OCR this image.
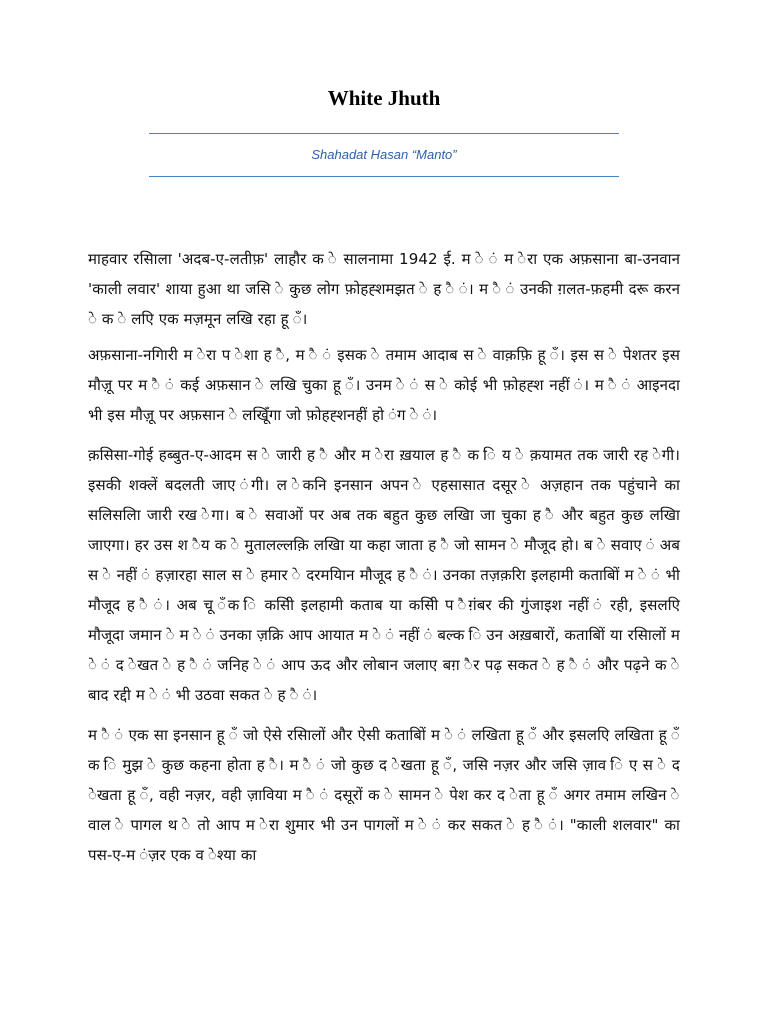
White Jhuth
Shahadat Hasan “Manto”

माहवार रसिाला 'अदब-ए-लतीफ़' लाहौर क े सालनामा 1942 ई. म े ं म ेरा एक अफ़साना बा-उनवान 'काली लवार' शाया हुआ था जसि े कुछ लोग फ़ोहह्शमझत े ह ै ं। म ै ं उनकी ग़लत-फ़हमी दरू करन े क े लएि एक मज़मून लखि रहा हू ँ।

अफ़साना-नगिारी म ेरा प ेशा ह ै, म ै ं इसक े तमाम आदाब स े वाक़फ़ि हू ँ। इस स े पेशतर इस मौज़ू पर म ै ं कई अफ़सान े लखि चुका हू ँ। उनम े ं स े कोई भी फ़ोहह्श नहीं ं। म ै ं आइनदा भी इस मौज़ू पर अफ़सान े लखिूँगा जो फ़ोहह्शनहीं हो ंग े ं।

क़सिसा-गोई हब्बुत-ए-आदम स े जारी ह ै और म ेरा ख़याल ह ै क ि य े क़यामत तक जारी रह ेगी। इसकी शक्लें बदलती जाए ंगी। ल ेकनि इनसान अपन े एहसासात दसूर े अज़हान तक पहुंचाने का सलिसलिा जारी रख ेगा। ब े सवाओं पर अब तक बहुत कुछ लखिा जा चुका ह ै और बहुत कुछ लखिा जाएगा। हर उस श ैय क े मुतालल्लक़ि लखिा या कहा जाता ह ै जो सामन े मौजूद हो। ब े सवाए ं अब स े नहीं ं हज़ारहा साल स े हमार े दरमयिान मौजूद ह ै ं। उनका तज़क़रिा इलहामी कताबिों म े ं भी मौजूद ह ै ं। अब चू ँक ि कसिी इलहामी कताब या कसिी प ैग़ंबर की गुंजाइश नहीं ं रही, इसलएि मौजूदा जमान े म े ं उनका ज़क्रि आप आयात म े ं नहीं ं बल्क ि उन अख़बारों, कताबिों या रसिालों म े ं द ेखत े ह ै ं जनिह े ं आप ऊद और लोबान जलाए बग़ ैर पढ़ सकत े ह ै ं और पढ़ने क े बाद रद्दी म े ं भी उठवा सकत े ह ै ं।

म ै ं एक सा इनसान हू ँ जो ऐसे रसिालों और ऐसी कताबिों म े ं लखिता हू ँ और इसलएि लखिता हू ँ क ि मुझ े कुछ कहना होता ह ै। म ै ं जो कुछ द ेखता हू ँ, जसि नज़र और जसि ज़ाव ि ए स े द ेखता हू ँ, वही नज़र, वही ज़ाविया म ै ं दसूरों क े सामन े पेश कर द ेता हू ँ अगर तमाम लखिन े वाल े पागल थ े तो आप म ेरा शुमार भी उन पागलों म े ं कर सकत े ह ै ं। "काली शलवार" का पस-ए-म ंज़र एक व ेश्या का
